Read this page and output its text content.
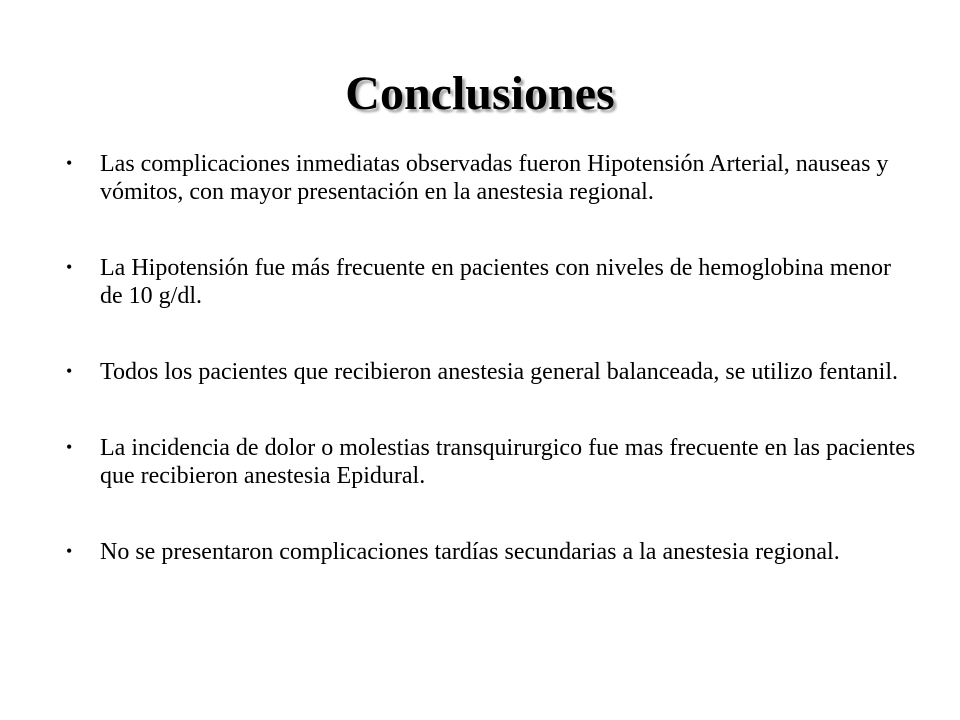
Conclusiones
• Las complicaciones inmediatas observadas fueron Hipotensión Arterial, nauseas y vómitos, con mayor presentación en la anestesia regional.
• La Hipotensión fue más frecuente en pacientes con niveles de hemoglobina menor de 10 g/dl.
• Todos los pacientes que recibieron anestesia general balanceada, se utilizo fentanil.
• La incidencia de dolor o molestias transquirurgico fue mas frecuente en las pacientes que recibieron anestesia Epidural.
• No se presentaron complicaciones tardías secundarias a la anestesia regional.
